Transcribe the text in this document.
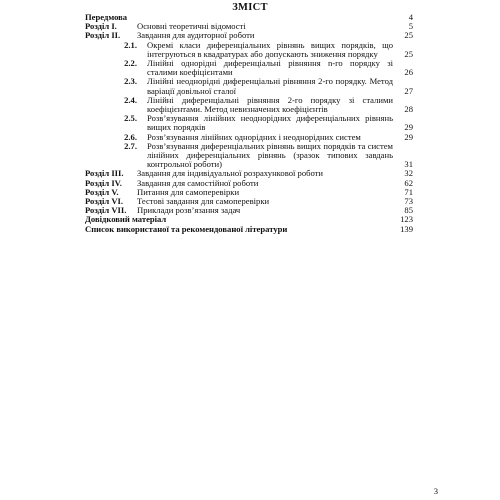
ЗМІСТ
Передмова	4
Розділ I. Основні теоретичні відомості	5
Розділ II. Завдання для аудиторної роботи	25
2.1. Окремі класи диференціальних рівнянь вищих порядків, що інтегруються в квадратурах або допускають зниження порядку	25
2.2. Лінійні однорідні диференціальні рівняння n-го порядку зі сталими коефіцієнтами	26
2.3. Лінійні неоднорідні диференціальні рівняння 2-го порядку. Метод варіації довільної сталої	27
2.4. Лінійні диференціальні рівняння 2-го порядку зі сталими коефіцієнтами. Метод невизначених коефіцієнтів	28
2.5. Розв’язування лінійних неоднорідних диференціальних рівнянь вищих порядків	29
2.6. Розв’язування лінійних однорідних і неоднорідних систем	29
2.7. Розв’язування диференціальних рівнянь вищих порядків та систем лінійних диференціальних рівнянь (зразок типових завдань контрольної роботи)	31
Розділ III. Завдання для індивідуальної розрахункової роботи	32
Розділ IV. Завдання для самостійної роботи	62
Розділ V. Питання для самоперевірки	71
Розділ VI. Тестові завдання для самоперевірки	73
Розділ VII. Приклади розв’язання задач	85
Довідковий матеріал	123
Список використаної та рекомендованої літератури	139
3
